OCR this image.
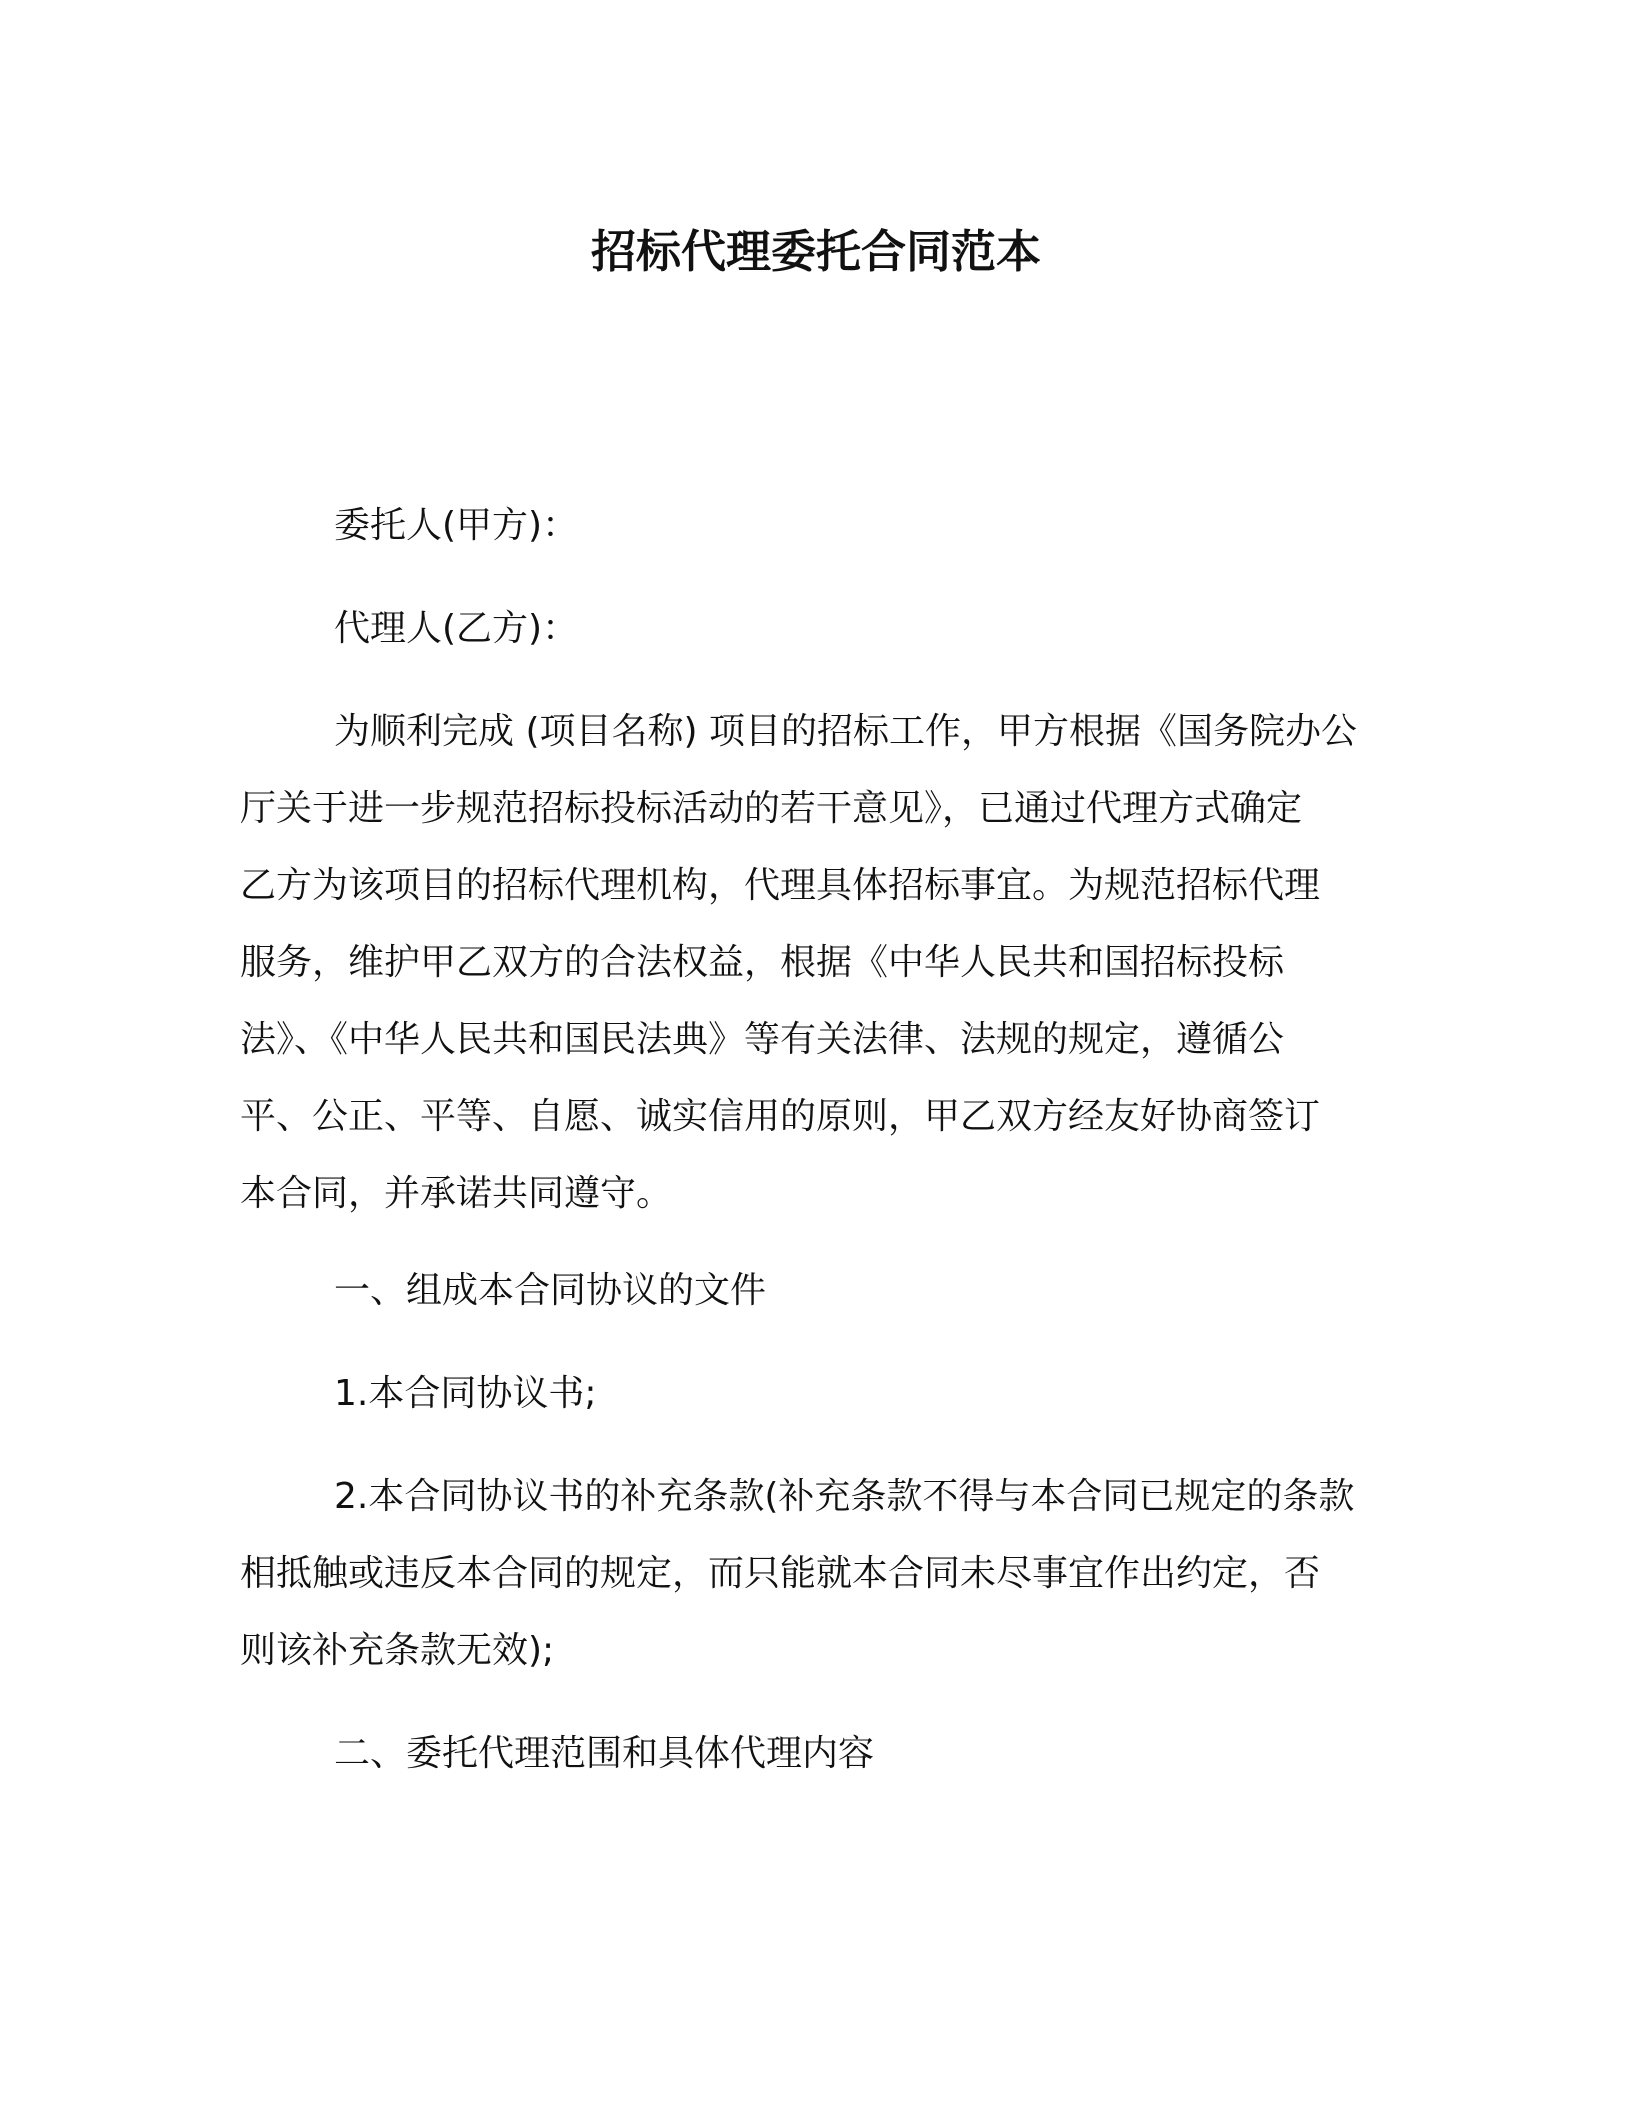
招标代理委托合同范本

委托人(甲方)：

代理人(乙方)：

为顺利完成 (项目名称) 项目的招标工作，甲方根据《国务院办公
厅关于进一步规范招标投标活动的若干意见》，已通过代理方式确定
乙方为该项目的招标代理机构，代理具体招标事宜。为规范招标代理
服务，维护甲乙双方的合法权益，根据《中华人民共和国招标投标
法》、《中华人民共和国民法典》等有关法律、法规的规定，遵循公
平、公正、平等、自愿、诚实信用的原则，甲乙双方经友好协商签订
本合同，并承诺共同遵守。

一、组成本合同协议的文件

1.本合同协议书;

2.本合同协议书的补充条款(补充条款不得与本合同已规定的条款
相抵触或违反本合同的规定，而只能就本合同未尽事宜作出约定，否
则该补充条款无效);

二、委托代理范围和具体代理内容
